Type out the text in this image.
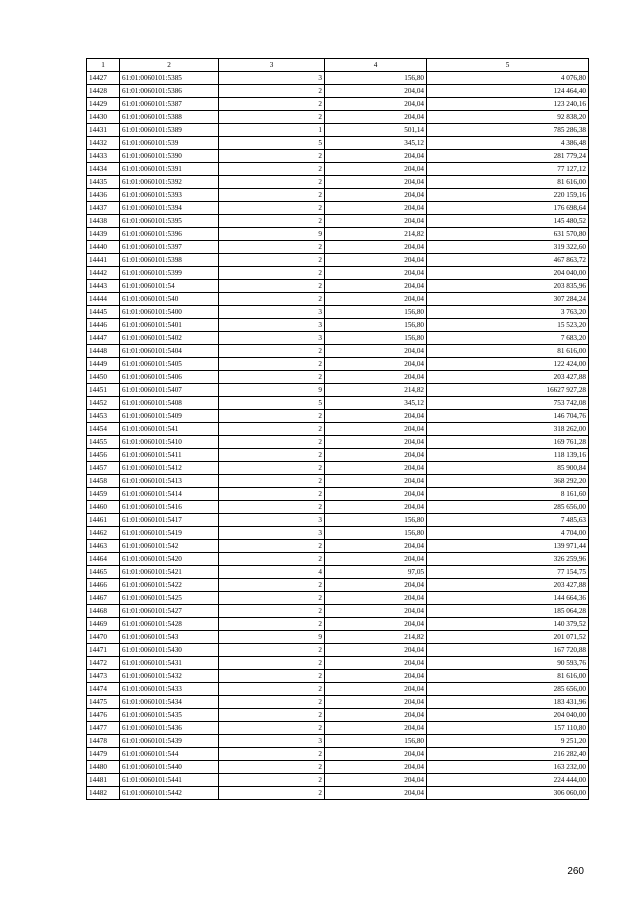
1	2	3	4	5
14427	61:01:0060101:5385	3	156,80	4 076,80
14428	61:01:0060101:5386	2	204,04	124 464,40
14429	61:01:0060101:5387	2	204,04	123 240,16
14430	61:01:0060101:5388	2	204,04	92 838,20
14431	61:01:0060101:5389	1	501,14	785 286,38
14432	61:01:0060101:539	5	345,12	4 386,48
14433	61:01:0060101:5390	2	204,04	281 779,24
14434	61:01:0060101:5391	2	204,04	77 127,12
14435	61:01:0060101:5392	2	204,04	81 616,00
14436	61:01:0060101:5393	2	204,04	220 159,16
14437	61:01:0060101:5394	2	204,04	176 698,64
14438	61:01:0060101:5395	2	204,04	145 480,52
14439	61:01:0060101:5396	9	214,82	631 570,80
14440	61:01:0060101:5397	2	204,04	319 322,60
14441	61:01:0060101:5398	2	204,04	467 863,72
14442	61:01:0060101:5399	2	204,04	204 040,00
14443	61:01:0060101:54	2	204,04	203 835,96
14444	61:01:0060101:540	2	204,04	307 284,24
14445	61:01:0060101:5400	3	156,80	3 763,20
14446	61:01:0060101:5401	3	156,80	15 523,20
14447	61:01:0060101:5402	3	156,80	7 683,20
14448	61:01:0060101:5404	2	204,04	81 616,00
14449	61:01:0060101:5405	2	204,04	122 424,00
14450	61:01:0060101:5406	2	204,04	203 427,88
14451	61:01:0060101:5407	9	214,82	16627 927,28
14452	61:01:0060101:5408	5	345,12	753 742,08
14453	61:01:0060101:5409	2	204,04	146 704,76
14454	61:01:0060101:541	2	204,04	318 262,00
14455	61:01:0060101:5410	2	204,04	169 761,28
14456	61:01:0060101:5411	2	204,04	118 139,16
14457	61:01:0060101:5412	2	204,04	85 900,84
14458	61:01:0060101:5413	2	204,04	368 292,20
14459	61:01:0060101:5414	2	204,04	8 161,60
14460	61:01:0060101:5416	2	204,04	285 656,00
14461	61:01:0060101:5417	3	156,80	7 485,63
14462	61:01:0060101:5419	3	156,80	4 704,00
14463	61:01:0060101:542	2	204,04	139 971,44
14464	61:01:0060101:5420	2	204,04	326 259,96
14465	61:01:0060101:5421	4	97,05	77 154,75
14466	61:01:0060101:5422	2	204,04	203 427,88
14467	61:01:0060101:5425	2	204,04	144 664,36
14468	61:01:0060101:5427	2	204,04	185 064,28
14469	61:01:0060101:5428	2	204,04	140 379,52
14470	61:01:0060101:543	9	214,82	201 071,52
14471	61:01:0060101:5430	2	204,04	167 720,88
14472	61:01:0060101:5431	2	204,04	90 593,76
14473	61:01:0060101:5432	2	204,04	81 616,00
14474	61:01:0060101:5433	2	204,04	285 656,00
14475	61:01:0060101:5434	2	204,04	183 431,96
14476	61:01:0060101:5435	2	204,04	204 040,00
14477	61:01:0060101:5436	2	204,04	157 110,80
14478	61:01:0060101:5439	3	156,80	9 251,20
14479	61:01:0060101:544	2	204,04	216 282,40
14480	61:01:0060101:5440	2	204,04	163 232,00
14481	61:01:0060101:5441	2	204,04	224 444,00
14482	61:01:0060101:5442	2	204,04	306 060,00
260
